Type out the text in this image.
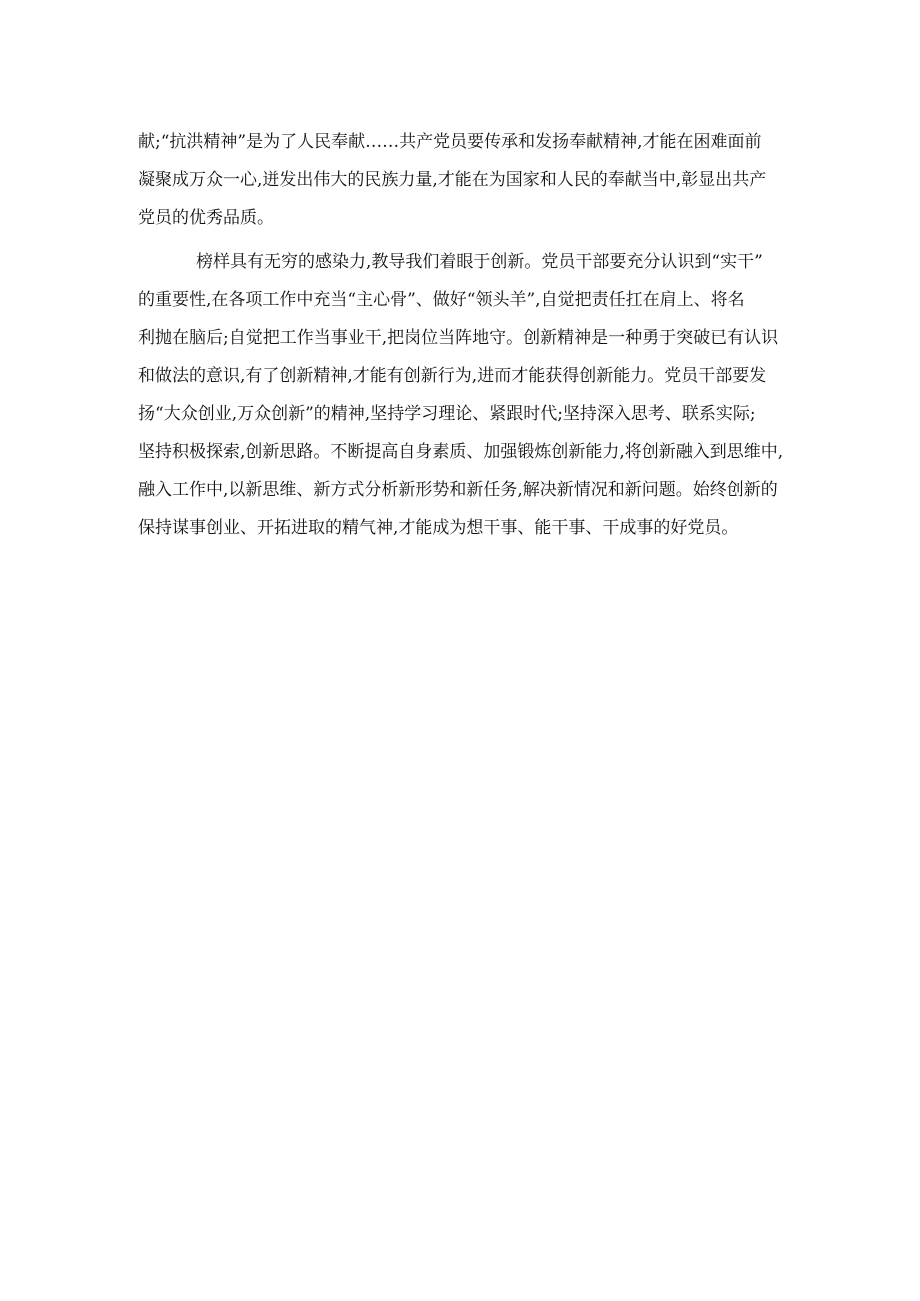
献;“抗洪精神”是为了人民奉献……共产党员要传承和发扬奉献精神,才能在困难面前
凝聚成万众一心,迸发出伟大的民族力量,才能在为国家和人民的奉献当中,彰显出共产
党员的优秀品质。
榜样具有无穷的感染力,教导我们着眼于创新。党员干部要充分认识到“实干”
的重要性,在各项工作中充当“主心骨”、做好“领头羊”,自觉把责任扛在肩上、将名
利抛在脑后;自觉把工作当事业干,把岗位当阵地守。创新精神是一种勇于突破已有认识
和做法的意识,有了创新精神,才能有创新行为,进而才能获得创新能力。党员干部要发
扬“大众创业,万众创新”的精神,坚持学习理论、紧跟时代;坚持深入思考、联系实际;
坚持积极探索,创新思路。不断提高自身素质、加强锻炼创新能力,将创新融入到思维中,
融入工作中,以新思维、新方式分析新形势和新任务,解决新情况和新问题。始终创新的
保持谋事创业、开拓进取的精气神,才能成为想干事、能干事、干成事的好党员。
